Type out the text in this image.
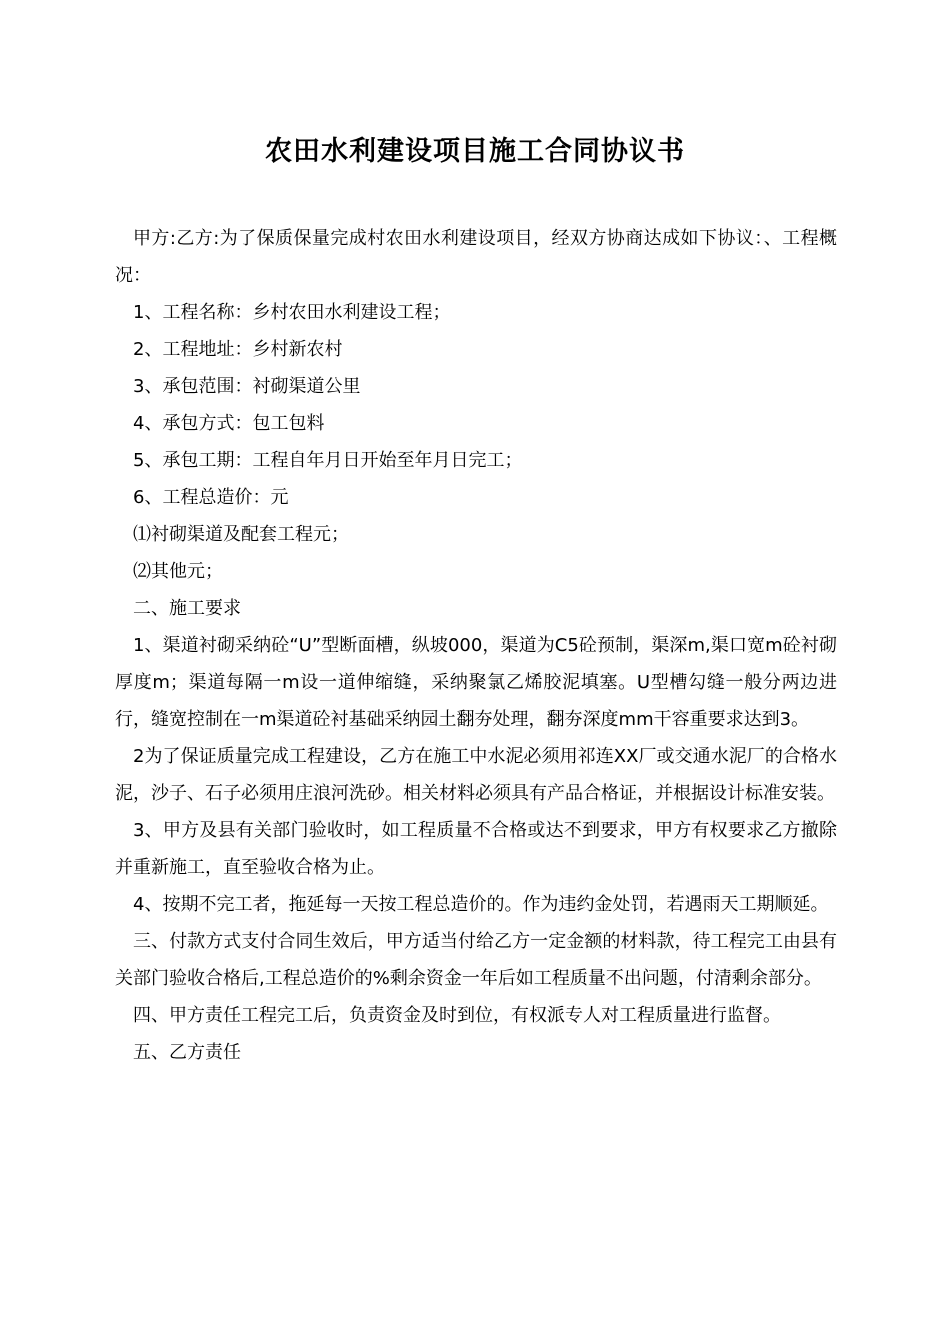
农田水利建设项目施工合同协议书

甲方:乙方:为了保质保量完成村农田水利建设项目，经双方协商达成如下协议：、工程概况：

1、工程名称：乡村农田水利建设工程；

2、工程地址：乡村新农村

3、承包范围：衬砌渠道公里

4、承包方式：包工包料

5、承包工期：工程自年月日开始至年月日完工；

6、工程总造价：元

⑴衬砌渠道及配套工程元；

⑵其他元；

二、施工要求

1、渠道衬砌采纳砼“U”型断面槽，纵坡000，渠道为C5砼预制，渠深m,渠口宽m砼衬砌厚度m；渠道每隔一m设一道伸缩缝，采纳聚氯乙烯胶泥填塞。U型槽勾缝一般分两边进行，缝宽控制在一m渠道砼衬基础采纳园土翻夯处理，翻夯深度mm干容重要求达到3。

2为了保证质量完成工程建设，乙方在施工中水泥必须用祁连XX厂或交通水泥厂的合格水泥，沙子、石子必须用庄浪河洗砂。相关材料必须具有产品合格证，并根据设计标准安装。

3、甲方及县有关部门验收时，如工程质量不合格或达不到要求，甲方有权要求乙方撤除并重新施工，直至验收合格为止。

4、按期不完工者，拖延每一天按工程总造价的。作为违约金处罚，若遇雨天工期顺延。

三、付款方式支付合同生效后，甲方适当付给乙方一定金额的材料款，待工程完工由县有关部门验收合格后,工程总造价的%剩余资金一年后如工程质量不出问题，付清剩余部分。

四、甲方责任工程完工后，负责资金及时到位，有权派专人对工程质量进行监督。

五、乙方责任
